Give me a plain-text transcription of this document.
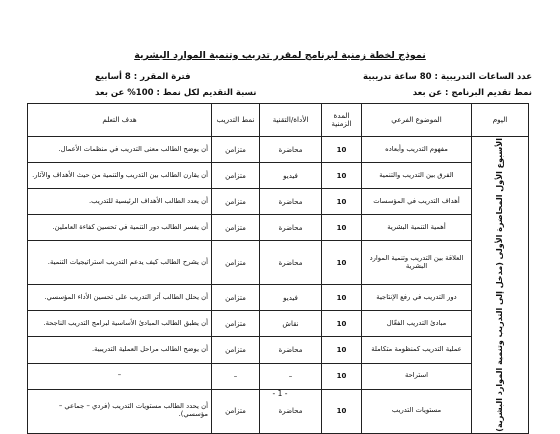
نموذج لخطة زمنية لبرنامج لمقرر تدريب وتنمية الموارد البشرية
عدد الساعات التدريبية : 80 ساعة تدريبية
فترة المقرر : 8 أسابيع
نمط تقديم البرنامج : عن بعد
نسبة التقديم لكل نمط : 100% عن بعد
اليوم	الموضوع الفرعي	المدة الزمنية	الأداة/التقنية	نمط التدريب	هدف التعلم

الأسبوع الأول المحاضرة الأولى (مدخل إلى التدريب وتنمية الموارد البشرية)	مفهوم التدريب وأبعاده	10	محاضرة	متزامن	أن يوضح الطالب معنى التدريب في منظمات الأعمال.
	الفرق بين التدريب والتنمية	10	فيديو	متزامن	أن يقارن الطالب بين التدريب والتنمية من حيث الأهداف والآثار.
	أهداف التدريب في المؤسسات	10	محاضرة	متزامن	أن يعدد الطالب الأهداف الرئيسية للتدريب.
	أهمية التنمية البشرية	10	محاضرة	متزامن	أن يفسر الطالب دور التنمية في تحسين كفاءة العاملين.
	العلاقة بين التدريب وتنمية الموارد البشرية	10	محاضرة	متزامن	أن يشرح الطالب كيف يدعم التدريب استراتيجيات التنمية.
	دور التدريب في رفع الإنتاجية	10	فيديو	متزامن	أن يحلل الطالب أثر التدريب على تحسين الأداء المؤسسي.
	مبادئ التدريب الفعّال	10	نقاش	متزامن	أن يطبق الطالب المبادئ الأساسية لبرامج التدريب الناجحة.
	عملية التدريب كمنظومة متكاملة	10	محاضرة	متزامن	أن يوضح الطالب مراحل العملية التدريبية.
	استراحة	10	–	–	–
	مستويات التدريب	10	محاضرة	متزامن	أن يحدد الطالب مستويات التدريب (فردي – جماعي – مؤسسي).
- 1 -
